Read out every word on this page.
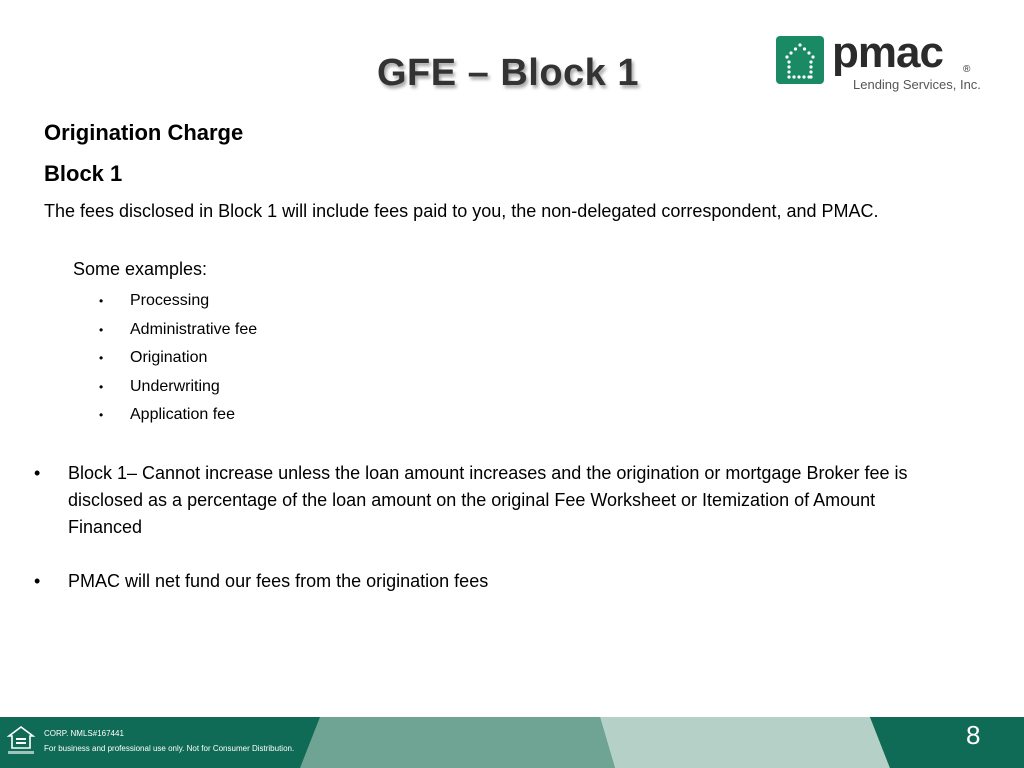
GFE – Block 1	pmac ®
Lending Services, Inc.
Origination Charge
Block 1
The fees disclosed in Block 1 will include fees paid to you, the non-delegated correspondent, and PMAC.
Some examples:
• Processing
• Administrative fee
• Origination
• Underwriting
• Application fee
• Block 1– Cannot increase unless the loan amount increases and the origination or mortgage Broker fee is disclosed as a percentage of the loan amount on the original Fee Worksheet or Itemization of Amount Financed
• PMAC will net fund our fees from the origination fees
CORP. NMLS#167441
For business and professional use only. Not for Consumer Distribution.	8
